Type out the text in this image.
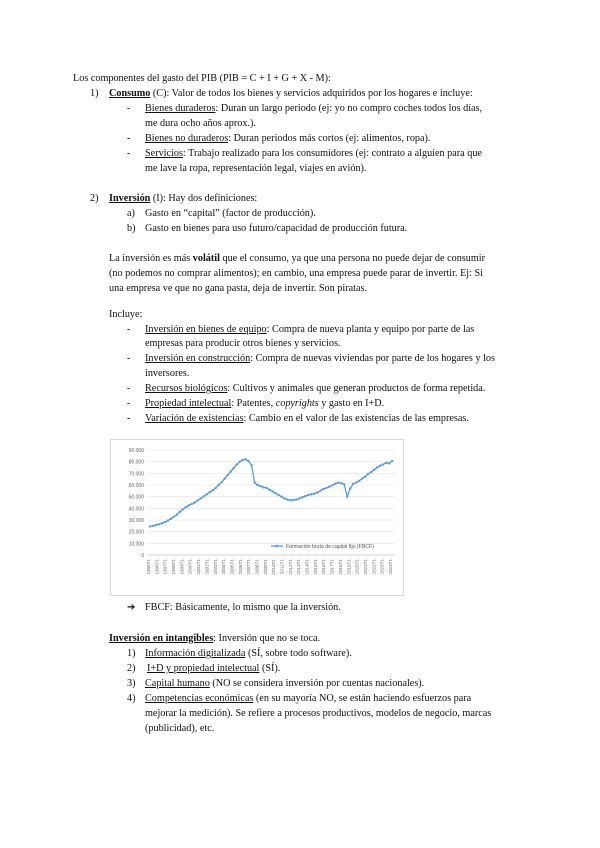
Los componentes del gasto del PIB (PIB = C + I + G + X - M):
1) Consumo (C): Valor de todos los bienes y servicios adquiridos por los hogares e incluye:
- Bienes duraderos: Duran un largo periodo (ej: yo no compro coches todos los días,
me dura ocho años aprox.).
- Bienes no duraderos: Duran periodos más cortos (ej: alimentos, ropa).
- Servicios: Trabajo realizado para los consumidores (ej: contrato a alguien para que
me lave la ropa, representación legal, viajes en avión).
2) Inversión (I): Hay dos definiciones:
a) Gasto en “capital” (factor de producción).
b) Gasto en bienes para uso futuro/capacidad de producción futura.
La inversión es más volátil que el consumo, ya que una persona no puede dejar de consumir
(no podemos no comprar alimentos); en cambio, una empresa puede parar de invertir. Ej: Si
una empresa ve que no gana pasta, deja de invertir. Son piratas.
Incluye:
- Inversión en bienes de equipo: Compra de nueva planta y equipo por parte de las
empresas para producir otros bienes y servicios.
- Inversión en construcción: Compra de nuevas viviendas por parte de los hogares y los
inversores.
- Recursos biológicos: Cultivos y animales que generan productos de forma repetida.
- Propiedad intelectual: Patentes, copyrights y gasto en I+D.
- Variación de existencias: Cambio en el valor de las existencias de las empresas.
0
10.000
20.000
30.000
40.000
50.000
60.000
70.000
80.000
90.000
1995T1 1996T1 1997T1 1998T1 1999T1 2000T1 2001T1 2002T1 2003T1 2004T1 2005T1 2006T1 2007T1 2008T1 2009T1 2010T1 2011T1 2012T1 2013T1 2014T1 2015T1 2016T1 2017T1 2018T1 2019T1 2020T1 2021T1 2022T1 2023T1 2024T1
Formación bruta de capital fijo (FBCF)
➔ FBCF: Básicamente, lo mismo que la inversión.
Inversión en intangibles: Inversión que no se toca.
1) Información digitalizada (SÍ, sobre todo software).
2) I+D y propiedad intelectual (SÍ).
3) Capital humano (NO se considera inversión por cuentas nacionales).
4) Competencias económicas (en su mayoría NO, se están haciendo esfuerzos para
mejorar la medición). Se refiere a procesos productivos, modelos de negocio, marcas
(publicidad), etc.
